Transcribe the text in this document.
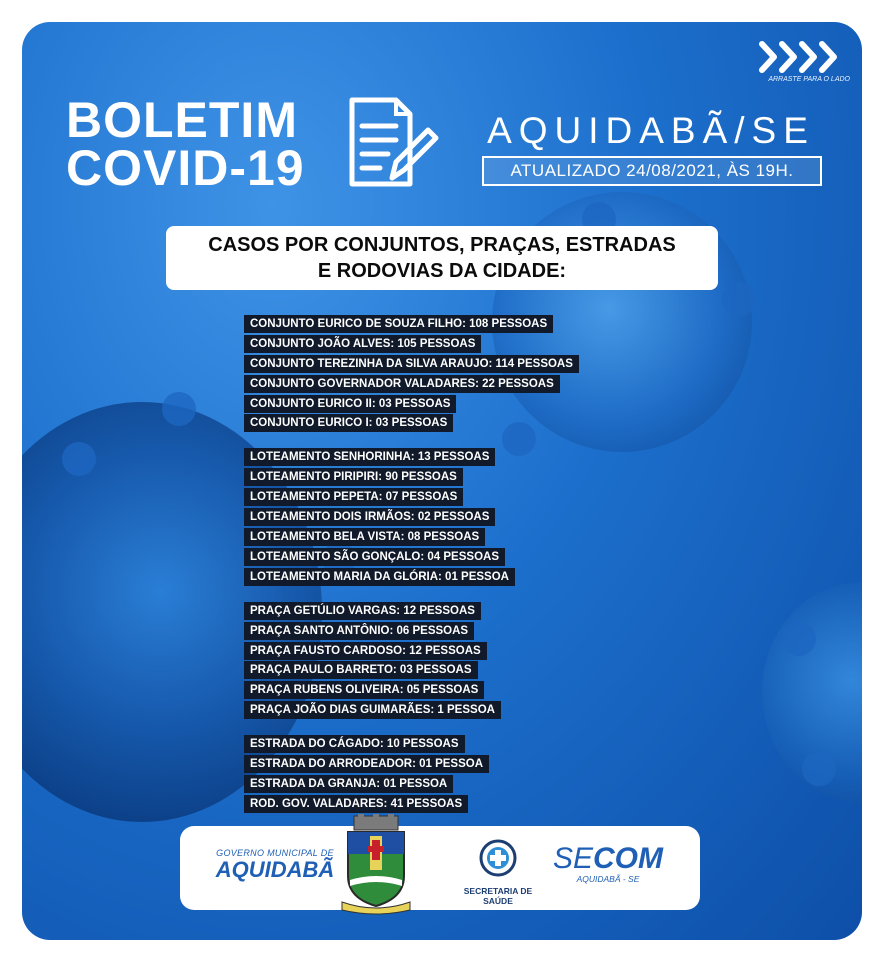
ARRASTE PARA O LADO
BOLETIM
COVID-19
AQUIDABÃ/SE
ATUALIZADO 24/08/2021, ÀS 19H.
CASOS POR CONJUNTOS, PRAÇAS, ESTRADAS
E RODOVIAS DA CIDADE:
CONJUNTO EURICO DE SOUZA FILHO: 108 PESSOAS
CONJUNTO JOÃO ALVES: 105 PESSOAS
CONJUNTO TEREZINHA DA SILVA ARAUJO: 114 PESSOAS
CONJUNTO GOVERNADOR VALADARES: 22 PESSOAS
CONJUNTO EURICO II: 03 PESSOAS
CONJUNTO EURICO I: 03 PESSOAS
LOTEAMENTO SENHORINHA: 13 PESSOAS
LOTEAMENTO PIRIPIRI: 90 PESSOAS
LOTEAMENTO PEPETA: 07 PESSOAS
LOTEAMENTO DOIS IRMÃOS: 02 PESSOAS
LOTEAMENTO BELA VISTA: 08 PESSOAS
LOTEAMENTO SÃO GONÇALO: 04 PESSOAS
LOTEAMENTO MARIA DA GLÓRIA: 01 PESSOA
PRAÇA GETÚLIO VARGAS: 12 PESSOAS
PRAÇA SANTO ANTÔNIO: 06 PESSOAS
PRAÇA FAUSTO CARDOSO: 12 PESSOAS
PRAÇA PAULO BARRETO: 03 PESSOAS
PRAÇA RUBENS OLIVEIRA: 05 PESSOAS
PRAÇA JOÃO DIAS GUIMARÃES: 1 PESSOA
ESTRADA DO CÁGADO: 10 PESSOAS
ESTRADA DO ARRODEADOR: 01 PESSOA
ESTRADA DA GRANJA: 01 PESSOA
ROD. GOV. VALADARES: 41 PESSOAS
GOVERNO MUNICIPAL DE
AQUIDABÃ
SECRETARIA DE SAÚDE
SECOM
AQUIDABÃ - SE
